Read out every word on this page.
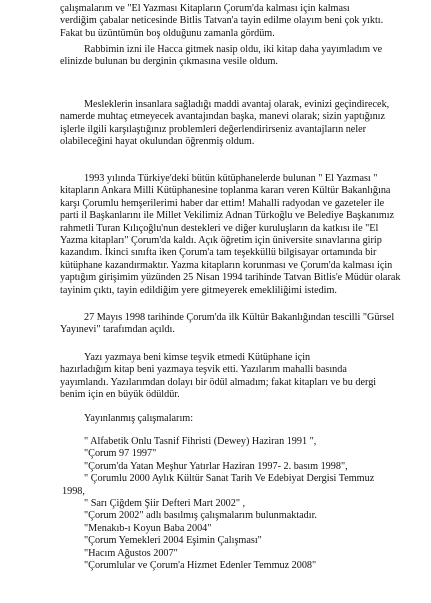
çalışmalarım ve "El Yazması Kitapların Çorum'da kalması için kalması
verdiğim çabalar neticesinde Bitlis Tatvan'a tayin edilme olayım beni çok yıktı.
Fakat bu üzüntümün boş olduğunu zamanla gördüm.
Rabbimin izni ile Hacca gitmek nasip oldu, iki kitap daha yayımladım ve
elinizde bulunan bu derginin çıkmasına vesile oldum.
Mesleklerin insanlara sağladığı maddi avantaj olarak, evinizi geçindirecek,
namerde muhtaç etmeyecek avantajından başka, manevi olarak; sizin yaptığınız
işlerle ilgili karşılaştığınız problemleri değerlendirirseniz avantajların neler
olabileceğini hayat okulundan öğrenmiş oldum.
1993 yılında Türkiye'deki bütün kütüphanelerde bulunan " El Yazması "
kitapların Ankara Milli Kütüphanesine toplanma kararı veren Kültür Bakanlığına
karşı Çorumlu hemşerilerimi haber dar ettim! Mahalli radyodan ve gazeteler ile
parti il Başkanlarını ile Millet Vekilimiz Adnan Türkoğlu ve Belediye Başkanımız
rahmetli Turan Kılıçoğlu'nun destekleri ve diğer kuruluşların da katkısı ile "El
Yazma kitapları" Çorum'da kaldı. Açık öğretim için üniversite sınavlarına girip
kazandım. İkinci sınıfta iken Çorum'a tam teşekküllü bilgisayar ortamında bir
kütüphane kazandırmaktır. Yazma kitapların korunması ve Çorum'da kalması için
yaptığım girişimim yüzünden 25 Nisan 1994 tarihinde Tatvan Bitlis'e Müdür olarak
tayinim çıktı, tayin edildiğim yere gitmeyerek emekliliğimi istedim.
27 Mayıs 1998 tarihinde Çorum'da ilk Kültür Bakanlığından tescilli "Gürsel
Yayınevi" tarafımdan açıldı.
Yazı yazmaya beni kimse teşvik etmedi Kütüphane için
hazırladığım kitap beni yazmaya teşvik etti. Yazılarım mahalli basında
yayımlandı. Yazılarımdan dolayı bir ödül almadım; fakat kitapları ve bu dergi
benim için en büyük ödüldür.
Yayınlanmış çalışmalarım:
" Alfabetik Onlu Tasnif Fihristi (Dewey) Haziran 1991 ",
"Çorum 97 1997"
"Çorum'da Yatan Meşhur Yatırlar Haziran 1997- 2. basım 1998",
" Çorumlu 2000 Aylık Kültür Sanat Tarih Ve Edebiyat Dergisi Temmuz
1998,
" Sarı Çiğdem Şiir Defteri Mart 2002" ,
"Çorum 2002" adlı basılmış çalışmalarım bulunmaktadır.
"Menakıb-ı Koyun Baba 2004"
"Çorum Yemekleri 2004 Eşimin Çalışması"
"Hacım Ağustos 2007"
"Çorumlular ve Çorum'a Hizmet Edenler Temmuz 2008"
